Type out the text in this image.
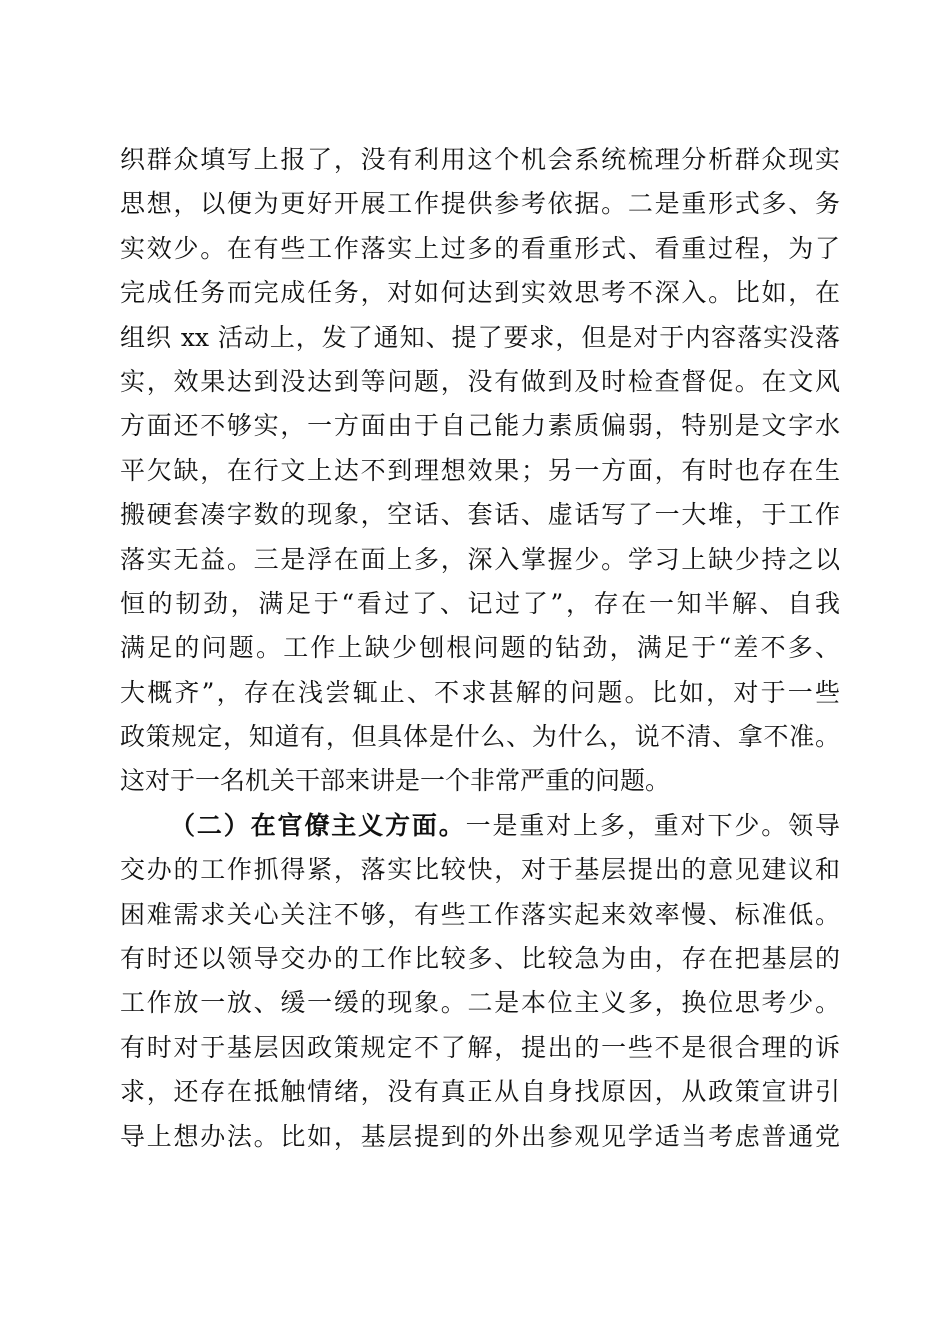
织群众填写上报了，没有利用这个机会系统梳理分析群众现实
思想，以便为更好开展工作提供参考依据。二是重形式多、务
实效少。在有些工作落实上过多的看重形式、看重过程，为了
完成任务而完成任务，对如何达到实效思考不深入。比如，在
组织 xx 活动上，发了通知、提了要求，但是对于内容落实没落
实，效果达到没达到等问题，没有做到及时检查督促。在文风
方面还不够实，一方面由于自己能力素质偏弱，特别是文字水
平欠缺，在行文上达不到理想效果；另一方面，有时也存在生
搬硬套凑字数的现象，空话、套话、虚话写了一大堆，于工作
落实无益。三是浮在面上多，深入掌握少。学习上缺少持之以
恒的韧劲，满足于“看过了、记过了”，存在一知半解、自我
满足的问题。工作上缺少刨根问题的钻劲，满足于“差不多、
大概齐”，存在浅尝辄止、不求甚解的问题。比如，对于一些
政策规定，知道有，但具体是什么、为什么，说不清、拿不准。
这对于一名机关干部来讲是一个非常严重的问题。
（二）在官僚主义方面。一是重对上多，重对下少。领导
交办的工作抓得紧，落实比较快，对于基层提出的意见建议和
困难需求关心关注不够，有些工作落实起来效率慢、标准低。
有时还以领导交办的工作比较多、比较急为由，存在把基层的
工作放一放、缓一缓的现象。二是本位主义多，换位思考少。
有时对于基层因政策规定不了解，提出的一些不是很合理的诉
求，还存在抵触情绪，没有真正从自身找原因，从政策宣讲引
导上想办法。比如，基层提到的外出参观见学适当考虑普通党
